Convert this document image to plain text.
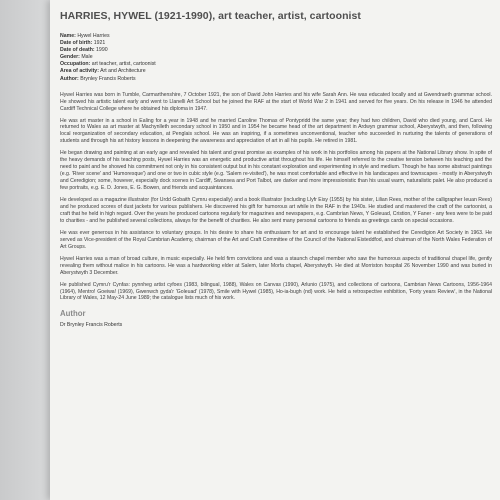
HARRIES, HYWEL (1921-1990), art teacher, artist, cartoonist
Name: Hywel Harries
Date of birth: 1921
Date of death: 1990
Gender: Male
Occupation: art teacher, artist, cartoonist
Area of activity: Art and Architecture
Author: Brynley Francis Roberts

Hywel Harries was born in Tumble, Carmarthenshire, 7 October 1921, the son of David John Harries and his wife Sarah Ann. He was educated locally and at Gwendraeth grammar school. He showed his artistic talent early and went to Llanelli Art School but he joined the RAF at the start of World War 2 in 1941 and served for five years. On his release in 1946 he attended Cardiff Technical College where he obtained his diploma in 1947.

He was art master in a school in Ealing for a year in 1948 and he married Caroline Thomas of Pontypridd the same year; they had two children, David who died young, and Carol. He returned to Wales as art master at Machynlleth secondary school in 1950 and in 1954 he became head of the art department in Ardwyn grammar school, Aberystwyth, and then, following local reorganization of secondary education, at Penglais school. He was an inspiring, if a sometimes unconventional, teacher who succeeded in nurturing the talents of generations of students and through his art history lessons in deepening the awareness and appreciation of art in all his pupils. He retired in 1981.

He began drawing and painting at an early age and revealed his talent and great promise as examples of his work in his portfolios among his papers at the National Library show. In spite of the heavy demands of his teaching posts, Hywel Harries was an energetic and productive artist throughout his life. He himself referred to the creative tension between his teaching and the need to paint and he showed his commitment not only in his consistent output but in his constant exploration and experimenting in style and medium. Though he has some abstract paintings (e.g. 'River scene' and 'Humoresque') and one or two in cubic style (e.g. 'Salem re-visited'), he was most comfortable and effective in his landscapes and townscapes - mostly in Aberystwyth and Ceredigion; some, however, especially dock scenes in Cardiff, Swansea and Port Talbot, are darker and more impressionistic than his usual warm, naturalistic palet. He also produced a few portraits, e.g. E. D. Jones, E. G. Bowen, and friends and acquaintances.

He developed as a magazine illustrator (for Urdd Gobaith Cymru especially) and a book illustrator (including Llyfr Eisy (1955) by his sister, Lilian Rees, mother of the calligrapher Ieuan Rees) and he produced scores of dust jackets for various publishers. He discovered his gift for humorous art while in the RAF in the 1940s. He studied and mastered the craft of the cartoonist, a craft that he held in high regard. Over the years he produced cartoons regularly for magazines and newspapers, e.g. Cambrian News, Y Goleuad, Cristion, Y Faner - any fees were to be paid to charities - and he published several collections, always for the benefit of charities. He also sent many personal cartoons to friends as greetings cards on special occasions.

He was ever generous in his assistance to voluntary groups. In his desire to share his enthusiasm for art and to encourage talent he established the Ceredigion Art Society in 1963. He served as Vice-president of the Royal Cambrian Academy, chairman of the Art and Craft Committee of the Council of the National Eisteddfod, and chairman of the North Wales Federation of Art Groups.

Hywel Harries was a man of broad culture, in music especially. He held firm convictions and was a staunch chapel member who saw the humorous aspects of traditional chapel life, gently revealing them without malice in his cartoons. He was a hardworking elder at Salem, later Morfa chapel, Aberystwyth. He died at Morriston hospital 26 November 1990 and was buried in Aberystwyth 3 December.

He published Cymru'r Cynfas: pynnheg artist cyfoes (1983, bilingual, 1988), Wales on Canvas (1990), Arlunio (1975), and collections of cartoons, Cambrian News Cartoons, 1956-1964 (1964), Mentro! Goeiwa! (1969), Gwenwch gyda'r 'Goleuad' (1978), Smile with Hywel (1985), Ho-ia-bugh (nd) work. He held a retrospective exhibition, 'Forty years Review', in the National Library of Wales, 12 May-24 June 1989; the catalogue lists much of his work.

Author
Dr Brynley Francis Roberts
